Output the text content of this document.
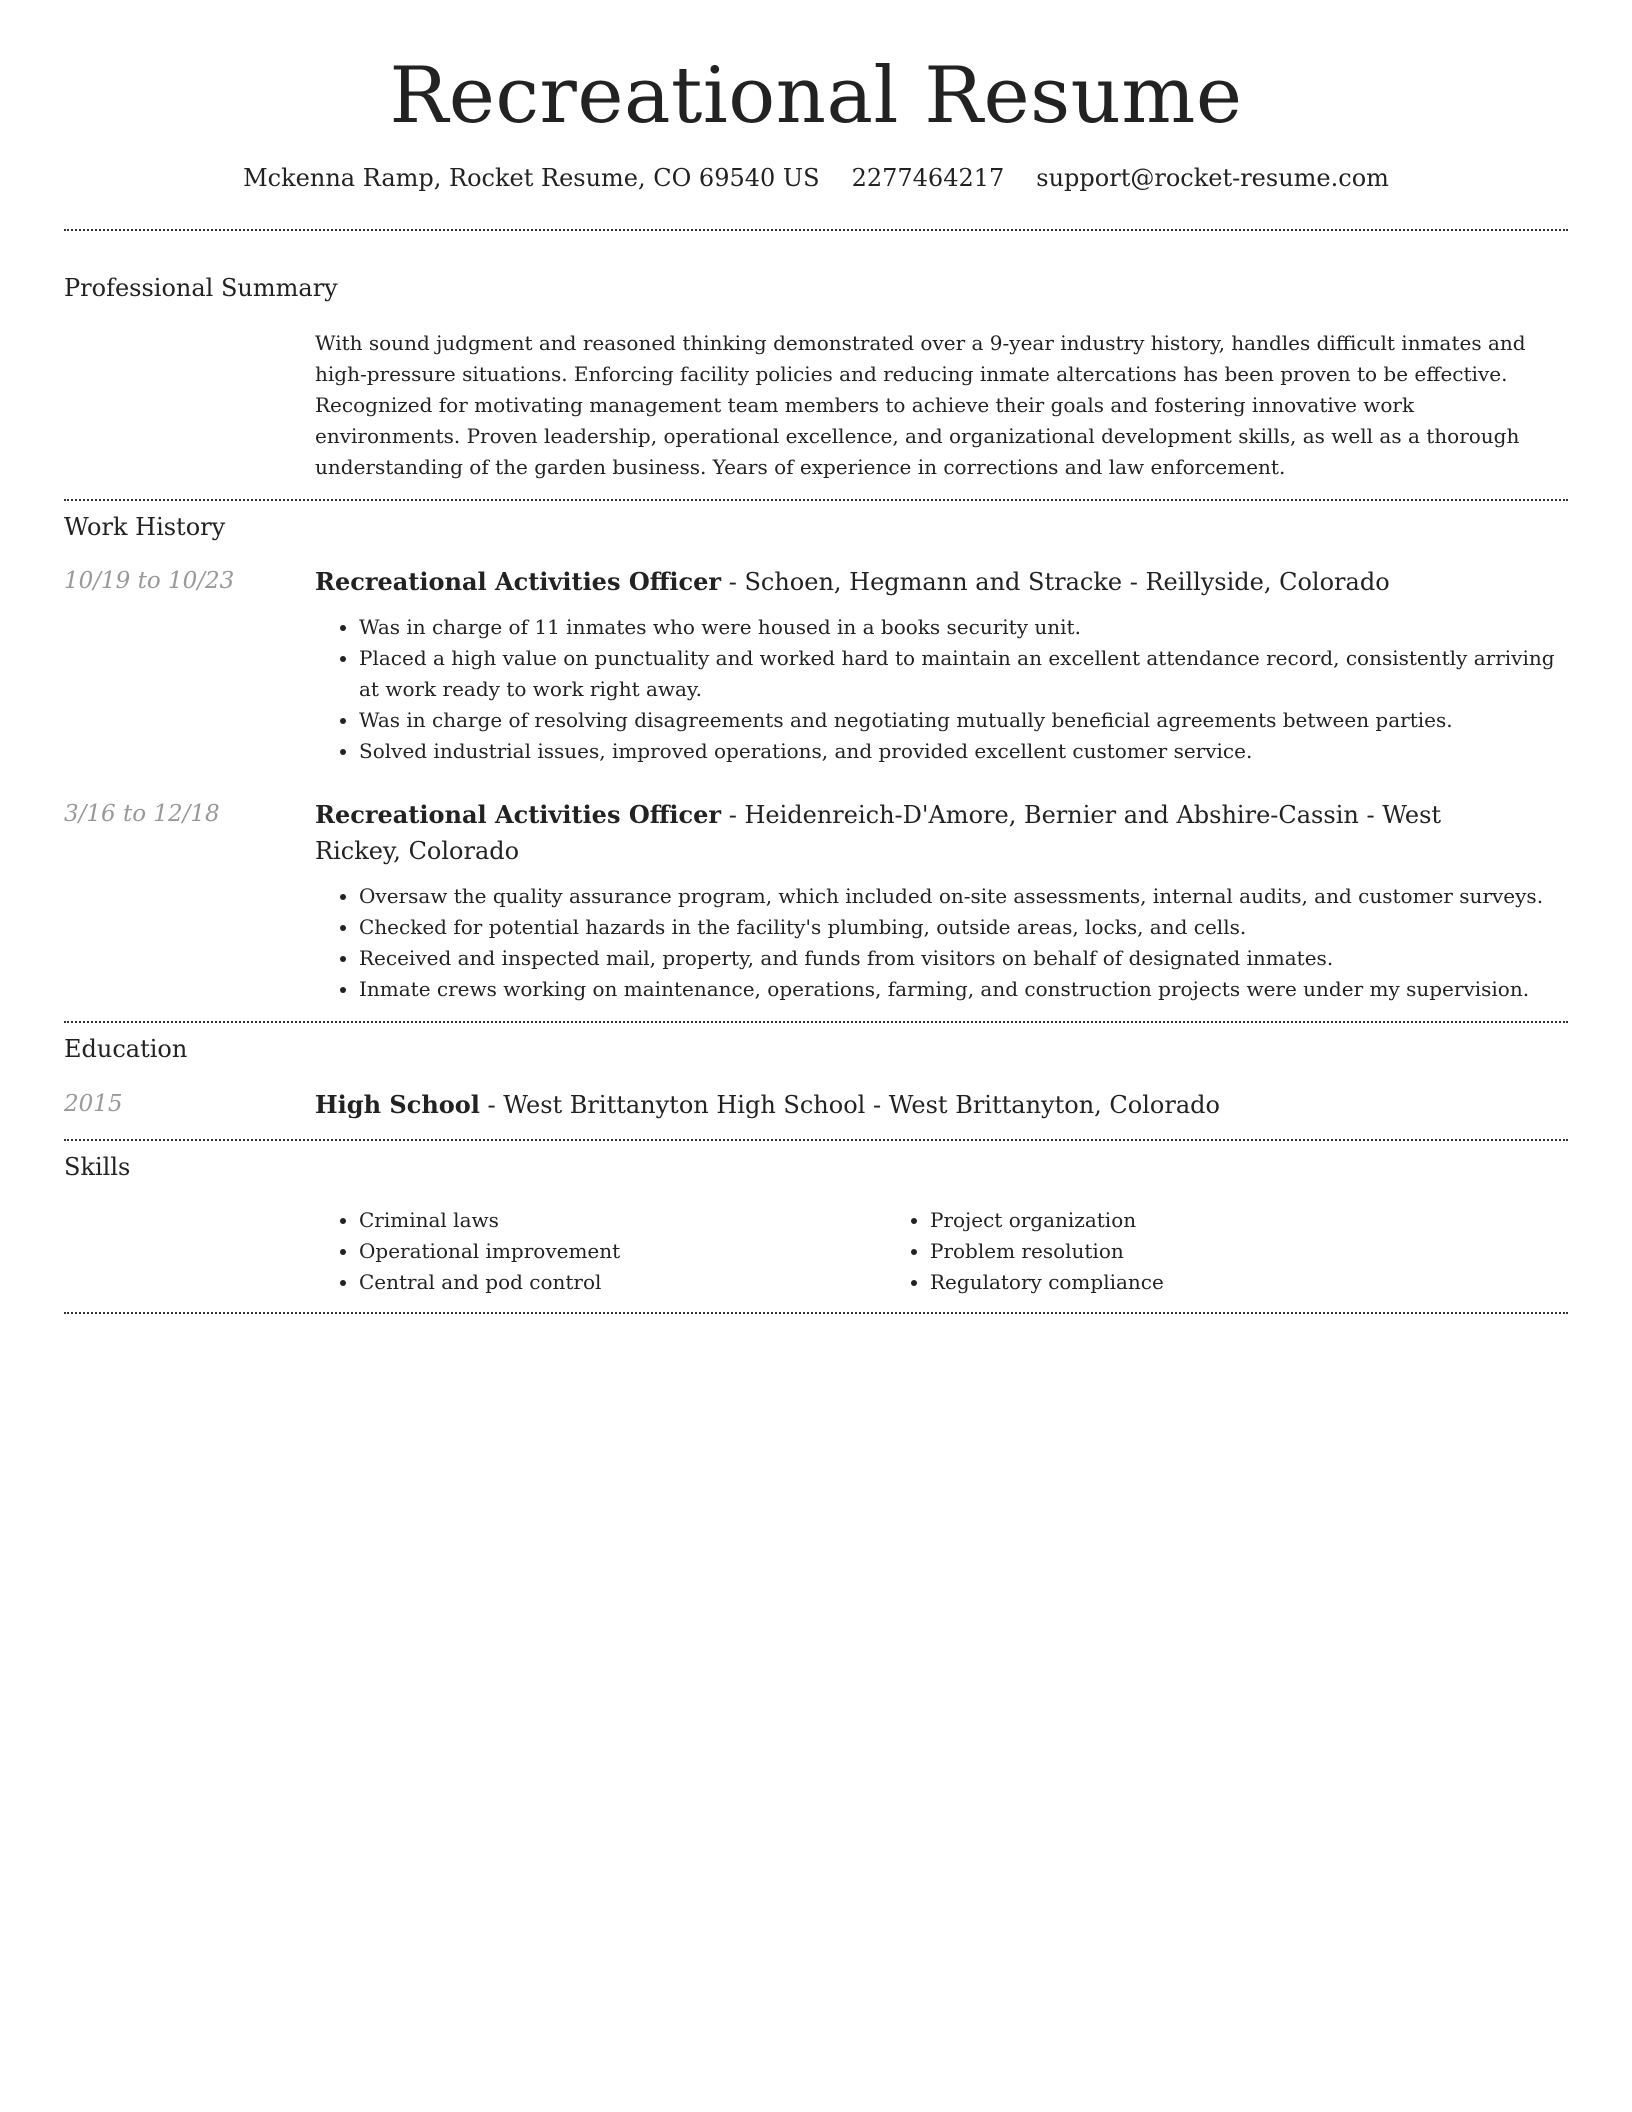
Recreational Resume
Mckenna Ramp, Rocket Resume, CO 69540 US 2277464217 support@rocket-resume.com
Professional Summary

With sound judgment and reasoned thinking demonstrated over a 9-year industry history, handles difficult inmates and high-pressure situations. Enforcing facility policies and reducing inmate altercations has been proven to be effective. Recognized for motivating management team members to achieve their goals and fostering innovative work environments. Proven leadership, operational excellence, and organizational development skills, as well as a thorough understanding of the garden business. Years of experience in corrections and law enforcement.

Work History
10/19 to 10/23	Recreational Activities Officer - Schoen, Hegmann and Stracke - Reillyside, Colorado

• Was in charge of 11 inmates who were housed in a books security unit.
• Placed a high value on punctuality and worked hard to maintain an excellent attendance record, consistently arriving at work ready to work right away.
• Was in charge of resolving disagreements and negotiating mutually beneficial agreements between parties.
• Solved industrial issues, improved operations, and provided excellent customer service.
3/16 to 12/18	Recreational Activities Officer - Heidenreich-D'Amore, Bernier and Abshire-Cassin - West Rickey, Colorado

• Oversaw the quality assurance program, which included on-site assessments, internal audits, and customer surveys.
• Checked for potential hazards in the facility's plumbing, outside areas, locks, and cells.
• Received and inspected mail, property, and funds from visitors on behalf of designated inmates.
• Inmate crews working on maintenance, operations, farming, and construction projects were under my supervision.
Education
2015	High School - West Brittanyton High School - West Brittanyton, Colorado

Skills
• Criminal laws
• Operational improvement
• Central and pod control
• Project organization
• Problem resolution
• Regulatory compliance
